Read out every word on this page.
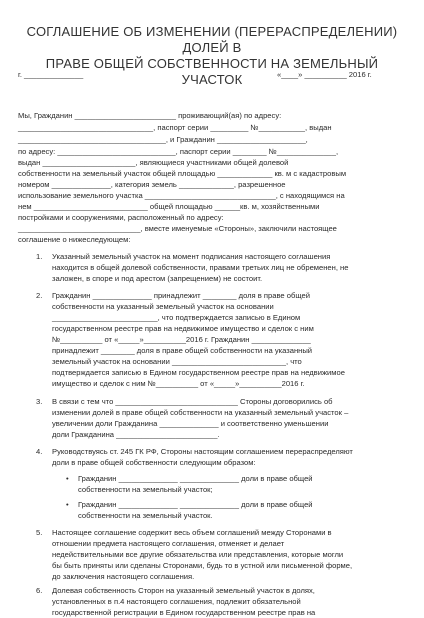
СОГЛАШЕНИЕ ОБ ИЗМЕНЕНИИ (ПЕРЕРАСПРЕДЕЛЕНИИ) ДОЛЕЙ В
ПРАВЕ ОБЩЕЙ СОБСТВЕННОСТИ НА ЗЕМЕЛЬНЫЙ УЧАСТОК
г. ______________	«____» __________ 2016 г.
Мы, Гражданин ________________________ проживающий(ая) по адресу:
________________________________, паспорт серии _________ №___________, выдан
___________________________________, и Гражданин _____________________,
по адресу: ____________________________, паспорт серии ________ №______________,
выдан ______________________, являющиеся участниками общей долевой
собственности на земельный участок общей площадью _____________ кв. м с кадастровым
номером ______________, категория земель _____________, разрешенное
использование земельного участка _______________________________, с находящимся на
нем ___________________________ общей площадью ______кв. м, хозяйственными
постройками и сооружениями, расположенный по адресу:
_____________________________, вместе именуемые «Стороны», заключили настоящее
соглашение о нижеследующем:
1. Указанный земельный участок на момент подписания настоящего соглашения
находится в общей долевой собственности, правами третьих лиц не обременен, не
заложен, в споре и под арестом (запрещением) не состоит.
2. Гражданин ______________ принадлежит ________ доля в праве общей
собственности на указанный земельный участок на основании
_________________________, что подтверждается записью в Едином
государственном реестре прав на недвижимое имущество и сделок с ним
№__________ от «_____»__________2016 г. Гражданин ______________
принадлежит ________ доля в праве общей собственности на указанный
земельный участок на основании ___________________________, что
подтверждается записью в Едином государственном реестре прав на недвижимое
имущество и сделок с ним №__________ от «_____»__________2016 г.
3. В связи с тем что _____________________________ Стороны договорились об
изменении долей в праве общей собственности на указанный земельный участок –
увеличении доли Гражданина ______________ и соответственно уменьшении
доли Гражданина ________________________.
4. Руководствуясь ст. 245 ГК РФ, Стороны настоящим соглашением перераспределяют
доли в праве общей собственности следующим образом:
• Гражданин ______________ ______________ доли в праве общей
собственности на земельный участок;
• Гражданин ______________ ______________ доли в праве общей
собственности на земельный участок.
5. Настоящее соглашение содержит весь объем соглашений между Сторонами в
отношении предмета настоящего соглашения, отменяет и делает
недействительными все другие обязательства или представления, которые могли
бы быть приняты или сделаны Сторонами, будь то в устной или письменной форме,
до заключения настоящего соглашения.
6. Долевая собственность Сторон на указанный земельный участок в долях,
установленных в п.4 настоящего соглашения, подлежит обязательной
государственной регистрации в Едином государственном реестре прав на
